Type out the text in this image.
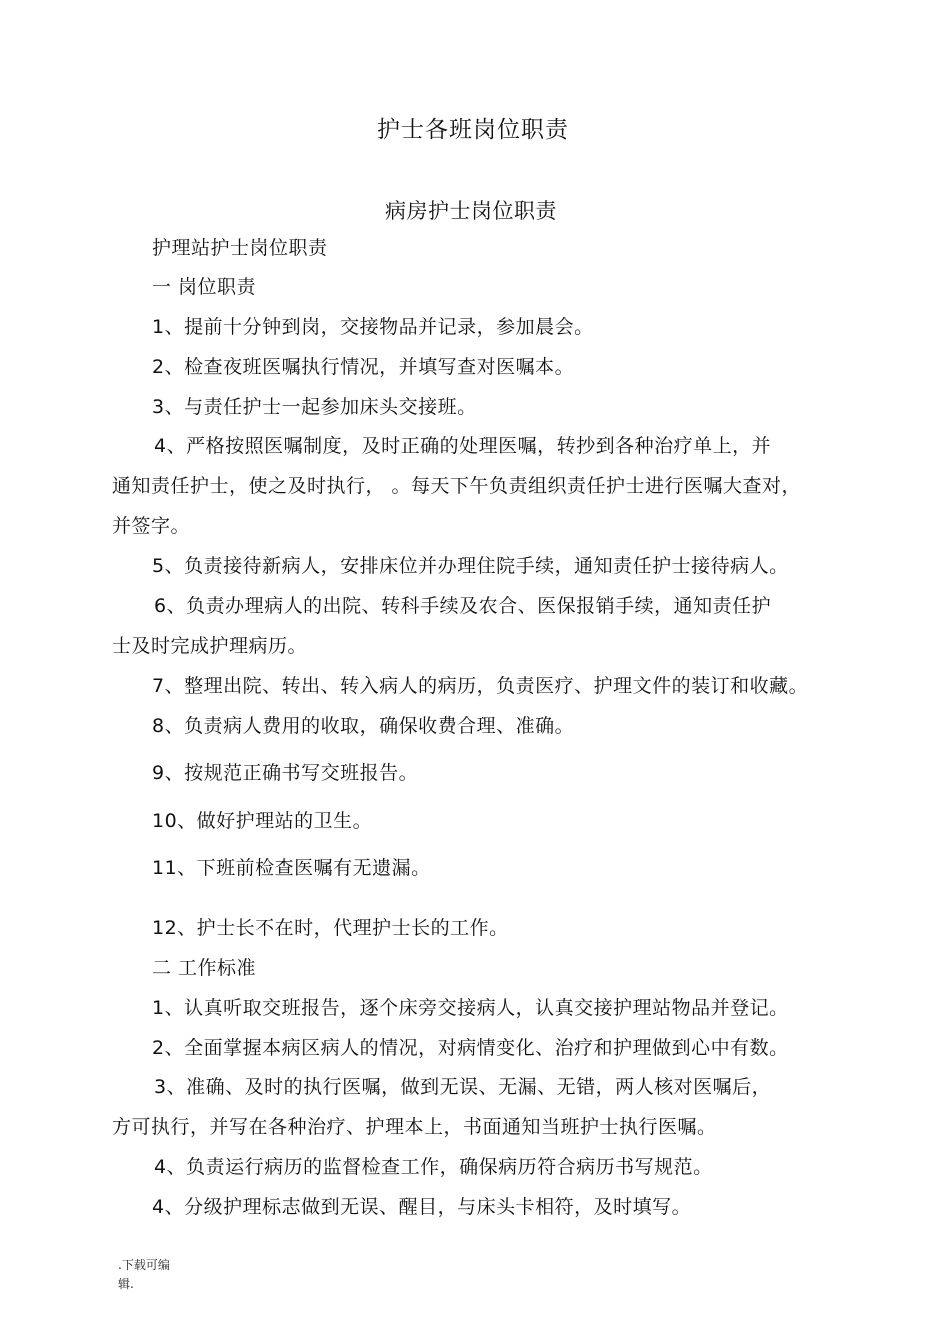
护士各班岗位职责
病房护士岗位职责
护理站护士岗位职责
一 岗位职责
1、提前十分钟到岗，交接物品并记录，参加晨会。
2、检查夜班医嘱执行情况，并填写查对医嘱本。
3、与责任护士一起参加床头交接班。
4、严格按照医嘱制度，及时正确的处理医嘱，转抄到各种治疗单上，并
通知责任护士，使之及时执行， 。每天下午负责组织责任护士进行医嘱大查对，
并签字。
5、负责接待新病人，安排床位并办理住院手续，通知责任护士接待病人。
6、负责办理病人的出院、转科手续及农合、医保报销手续，通知责任护
士及时完成护理病历。
7、整理出院、转出、转入病人的病历，负责医疗、护理文件的装订和收藏。
8、负责病人费用的收取，确保收费合理、准确。
9、按规范正确书写交班报告。
10、做好护理站的卫生。
11、下班前检查医嘱有无遗漏。
12、护士长不在时，代理护士长的工作。
二 工作标准
1、认真听取交班报告，逐个床旁交接病人，认真交接护理站物品并登记。
2、全面掌握本病区病人的情况，对病情变化、治疗和护理做到心中有数。
3、准确、及时的执行医嘱，做到无误、无漏、无错，两人核对医嘱后，
方可执行，并写在各种治疗、护理本上，书面通知当班护士执行医嘱。
4、负责运行病历的监督检查工作，确保病历符合病历书写规范。
4、分级护理标志做到无误、醒目，与床头卡相符，及时填写。
.下载可编
辑.
